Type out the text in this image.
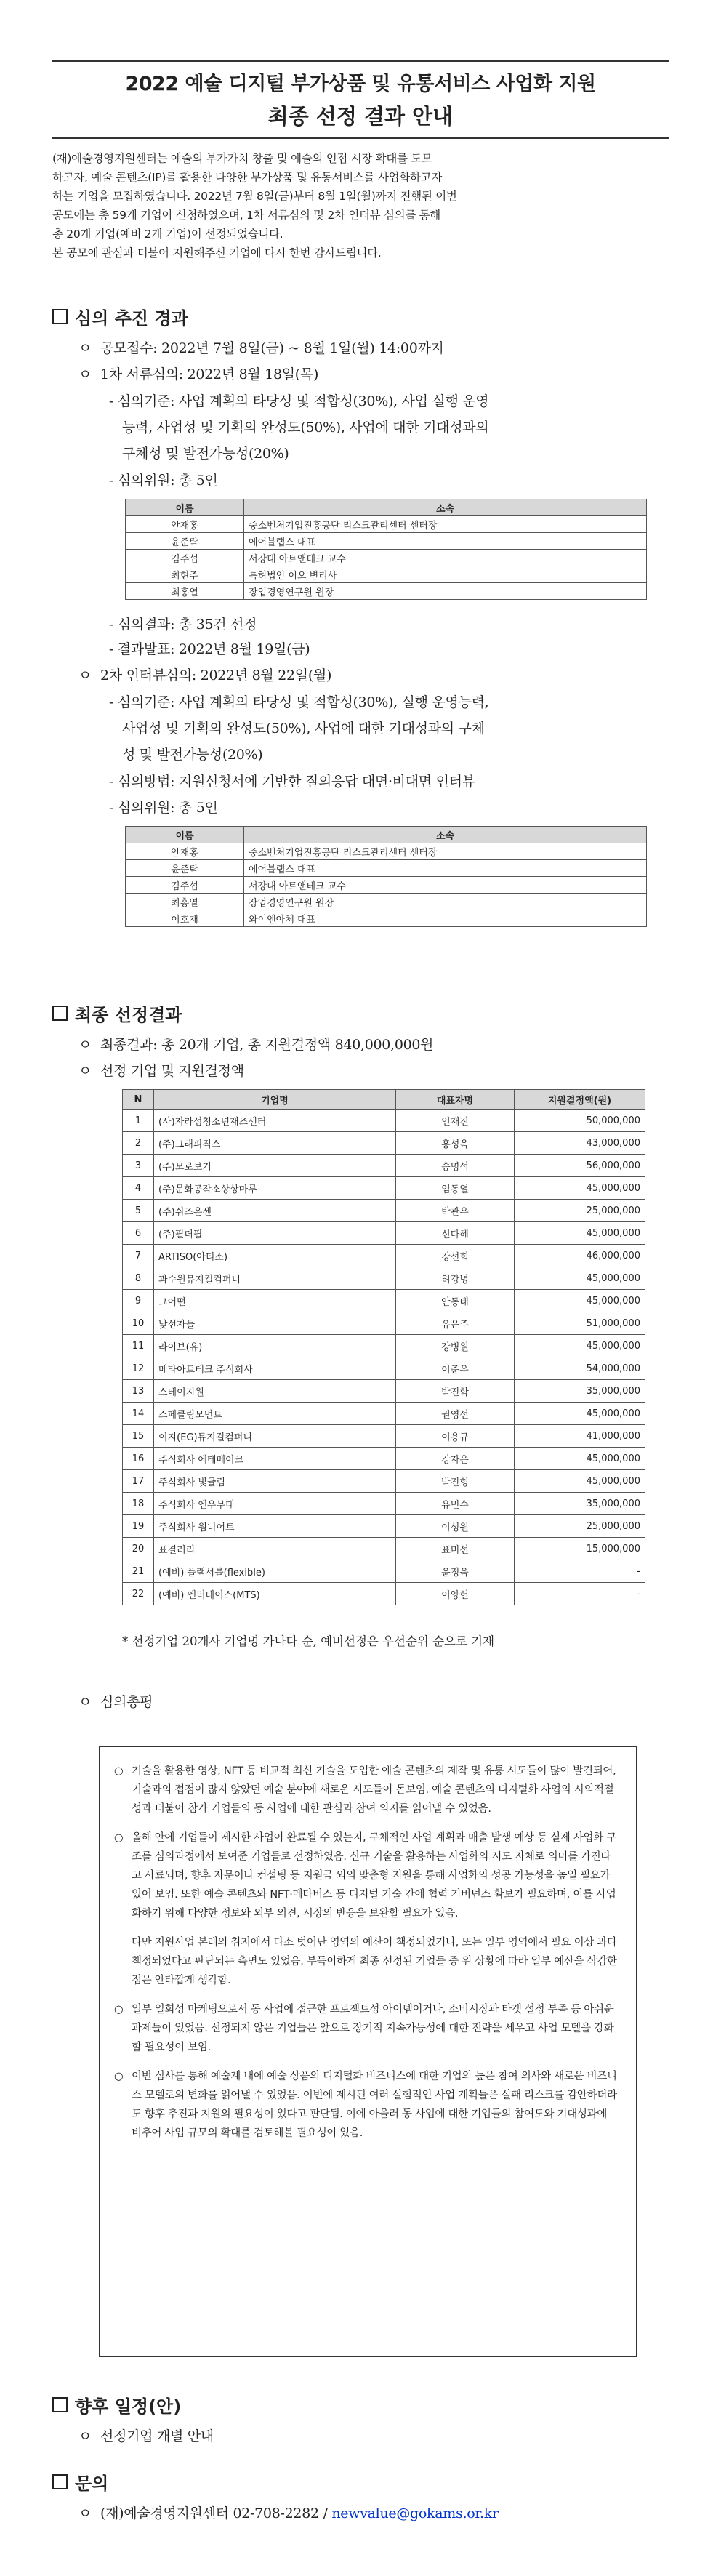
2022 예술 디지털 부가상품 및 유통서비스 사업화 지원
최종 선정 결과 안내

(재)예술경영지원센터는 예술의 부가가치 창출 및 예술의 인접 시장 확대를 도모

하고자, 예술 콘텐츠(IP)를 활용한 다양한 부가상품 및 유통서비스를 사업화하고자

하는 기업을 모집하였습니다. 2022년 7월 8일(금)부터 8월 1일(월)까지 진행된 이번

공모에는 총 59개 기업이 신청하였으며, 1차 서류심의 및 2차 인터뷰 심의를 통해

총 20개 기업(예비 2개 기업)이 선정되었습니다.

본 공모에 관심과 더불어 지원해주신 기업에 다시 한번 감사드립니다.

심의 추진 경과
ㅇ 공모접수: 2022년 7월 8일(금) ~ 8월 1일(월) 14:00까지
ㅇ 1차 서류심의: 2022년 8월 18일(목)
- 심의기준: 사업 계획의 타당성 및 적합성(30%), 사업 실행 운영
능력, 사업성 및 기획의 완성도(50%), 사업에 대한 기대성과의
구체성 및 발전가능성(20%)
- 심의위원: 총 5인
이름	소속
안재홍	중소벤처기업진흥공단 리스크관리센터 센터장
윤준탁	에어블랩스 대표
김주섭	서강대 아트앤테크 교수
최현주	특허법인 이오 변리사
최홍열	장업경영연구원 원장
- 심의결과: 총 35건 선정
- 결과발표: 2022년 8월 19일(금)
ㅇ 2차 인터뷰심의: 2022년 8월 22일(월)
- 심의기준: 사업 계획의 타당성 및 적합성(30%), 실행 운영능력,
사업성 및 기획의 완성도(50%), 사업에 대한 기대성과의 구체
성 및 발전가능성(20%)
- 심의방법: 지원신청서에 기반한 질의응답 대면·비대면 인터뷰
- 심의위원: 총 5인
이름	소속
안재홍	중소벤처기업진흥공단 리스크관리센터 센터장
윤준탁	에어블랩스 대표
김주섭	서강대 아트앤테크 교수
최홍열	장업경영연구원 원장
이호재	와이앤아체 대표
최종 선정결과
ㅇ 최종결과: 총 20개 기업, 총 지원결정액 840,000,000원
ㅇ 선정 기업 및 지원결정액
N	기업명	대표자명	지원결정액(원)
1	(사)자라섬청소년재즈센터	인재진	50,000,000
2	(주)그래피직스	홍성옥	43,000,000
3	(주)모로보기	송명석	56,000,000
4	(주)문화공작소상상마루	엄동열	45,000,000
5	(주)쉬즈온센	박관우	25,000,000
6	(주)필더필	신다혜	45,000,000
7	ARTISO(아티소)	강선희	46,000,000
8	과수원뮤지컬컴퍼니	허강녕	45,000,000
9	그어떤	안동태	45,000,000
10	낯선자들	유은주	51,000,000
11	라이브(유)	강병원	45,000,000
12	메타아트테크 주식회사	이준우	54,000,000
13	스테이지원	박진학	35,000,000
14	스페클링모먼트	권영선	45,000,000
15	이지(EG)뮤지컬컴퍼니	이용규	41,000,000
16	주식회사 에테메이크	강자은	45,000,000
17	주식회사 빛글림	박진형	45,000,000
18	주식회사 엔우무대	유민수	35,000,000
19	주식회사 웜니어트	이성원	25,000,000
20	표결러리	표미선	15,000,000
21	(예비) 플랙서블(flexible)	윤정욱	-
22	(예비) 엔터테이스(MTS)	이양헌	-
* 선정기업 20개사 기업명 가나다 순, 예비선정은 우선순위 순으로 기재
ㅇ 심의총평
○ 기술을 활용한 영상, NFT 등 비교적 최신 기술을 도입한 예술 콘텐츠의 제작 및 유통 시도들이 많이 발견되어, 기술과의 접점이 많지 않았던 예술 분야에 새로운 시도들이 돋보임. 예술 콘텐츠의 디지털화 사업의 시의적절성과 더불어 참가 기업들의 동 사업에 대한 관심과 참여 의지를 읽어낼 수 있었음.

○ 올해 안에 기업들이 제시한 사업이 완료될 수 있는지, 구체적인 사업 계획과 매출 발생 예상 등 실제 사업화 구조를 심의과정에서 보여준 기업들로 선정하였음. 신규 기술을 활용하는 사업화의 시도 자체로 의미를 가진다고 사료되며, 향후 자문이나 컨설팅 등 지원금 외의 맞춤형 지원을 통해 사업화의 성공 가능성을 높일 필요가 있어 보임. 또한 예술 콘텐츠와 NFT·메타버스 등 디지털 기술 간에 협력 거버넌스 확보가 필요하며, 이를 사업화하기 위해 다양한 정보와 외부 의견, 시장의 반응을 보완할 필요가 있음.

다만 지원사업 본래의 취지에서 다소 벗어난 영역의 예산이 책정되었거나, 또는 일부 영역에서 필요 이상 과다 책정되었다고 판단되는 측면도 있었음. 부득이하게 최종 선정된 기업들 중 위 상황에 따라 일부 예산을 삭감한 점은 안타깝게 생각함.

○ 일부 일회성 마케팅으로서 동 사업에 접근한 프로젝트성 아이템이거나, 소비시장과 타겟 설정 부족 등 아쉬운 과제들이 있었음. 선정되지 않은 기업들은 앞으로 장기적 지속가능성에 대한 전략을 세우고 사업 모델을 강화할 필요성이 보임.

○ 이번 심사를 통해 예술계 내에 예술 상품의 디지털화 비즈니스에 대한 기업의 높은 참여 의사와 새로운 비즈니스 모델로의 변화를 읽어낼 수 있었음. 이번에 제시된 여러 실험적인 사업 계획들은 실패 리스크를 감안하더라도 향후 추진과 지원의 필요성이 있다고 판단됨. 이에 아울러 동 사업에 대한 기업들의 참여도와 기대성과에 비추어 사업 규모의 확대를 검토해볼 필요성이 있음.

향후 일정(안)
ㅇ 선정기업 개별 안내
문의
ㅇ (재)예술경영지원센터 02-708-2282 / newvalue@gokams.or.kr
